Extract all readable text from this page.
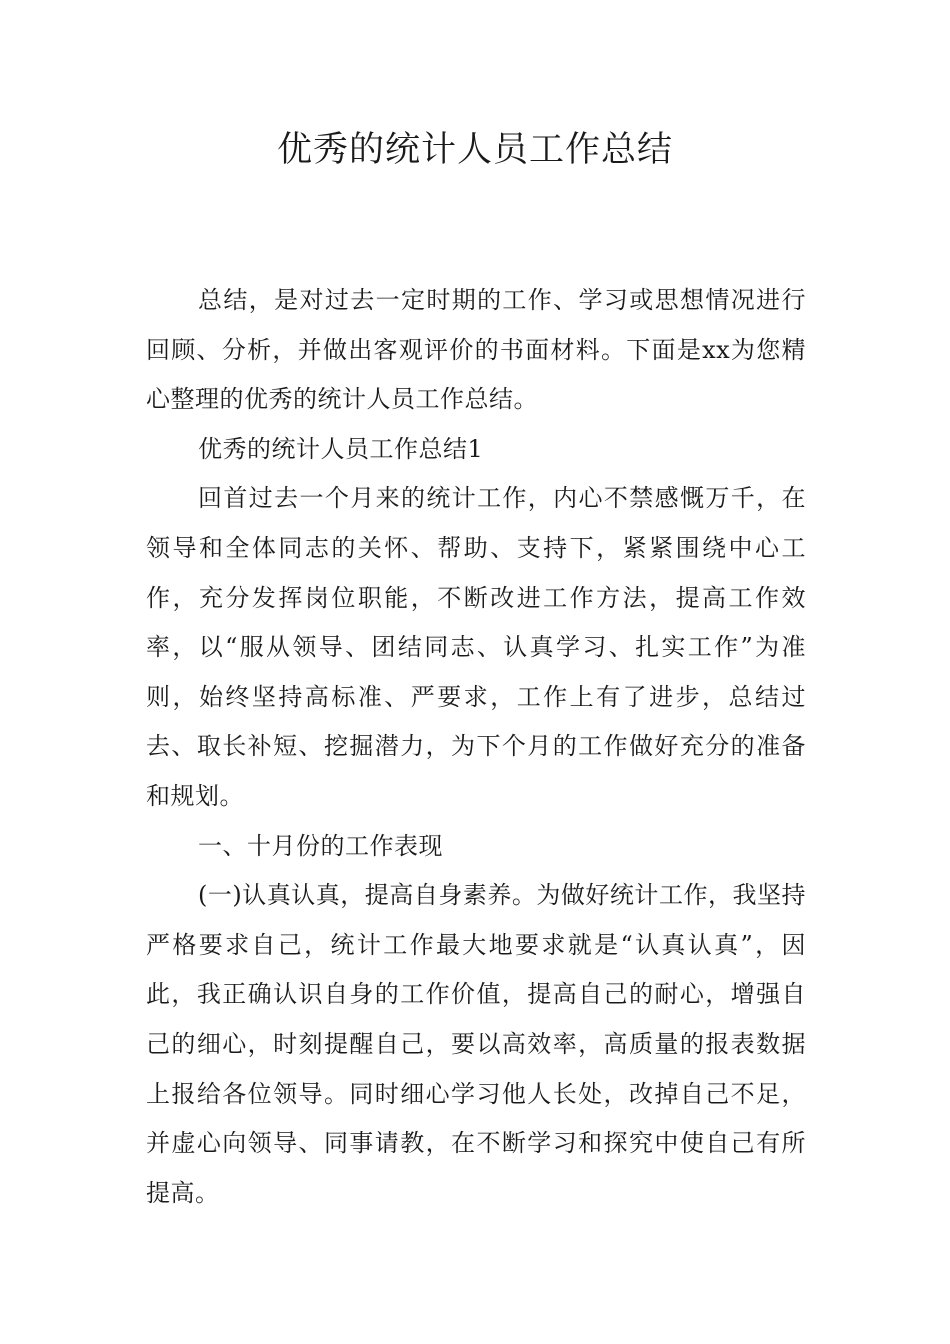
优秀的统计人员工作总结

总结，是对过去一定时期的工作、学习或思想情况进行回顾、分析，并做出客观评价的书面材料。下面是xx为您精心整理的优秀的统计人员工作总结。

优秀的统计人员工作总结1

回首过去一个月来的统计工作，内心不禁感慨万千，在领导和全体同志的关怀、帮助、支持下，紧紧围绕中心工作，充分发挥岗位职能，不断改进工作方法，提高工作效率，以“服从领导、团结同志、认真学习、扎实工作”为准则，始终坚持高标准、严要求，工作上有了进步，总结过去、取长补短、挖掘潜力，为下个月的工作做好充分的准备和规划。

一、十月份的工作表现

(一)认真认真，提高自身素养。为做好统计工作，我坚持严格要求自己，统计工作最大地要求就是“认真认真”，因此，我正确认识自身的工作价值，提高自己的耐心，增强自己的细心，时刻提醒自己，要以高效率，高质量的报表数据上报给各位领导。同时细心学习他人长处，改掉自己不足，并虚心向领导、同事请教，在不断学习和探究中使自己有所提高。
